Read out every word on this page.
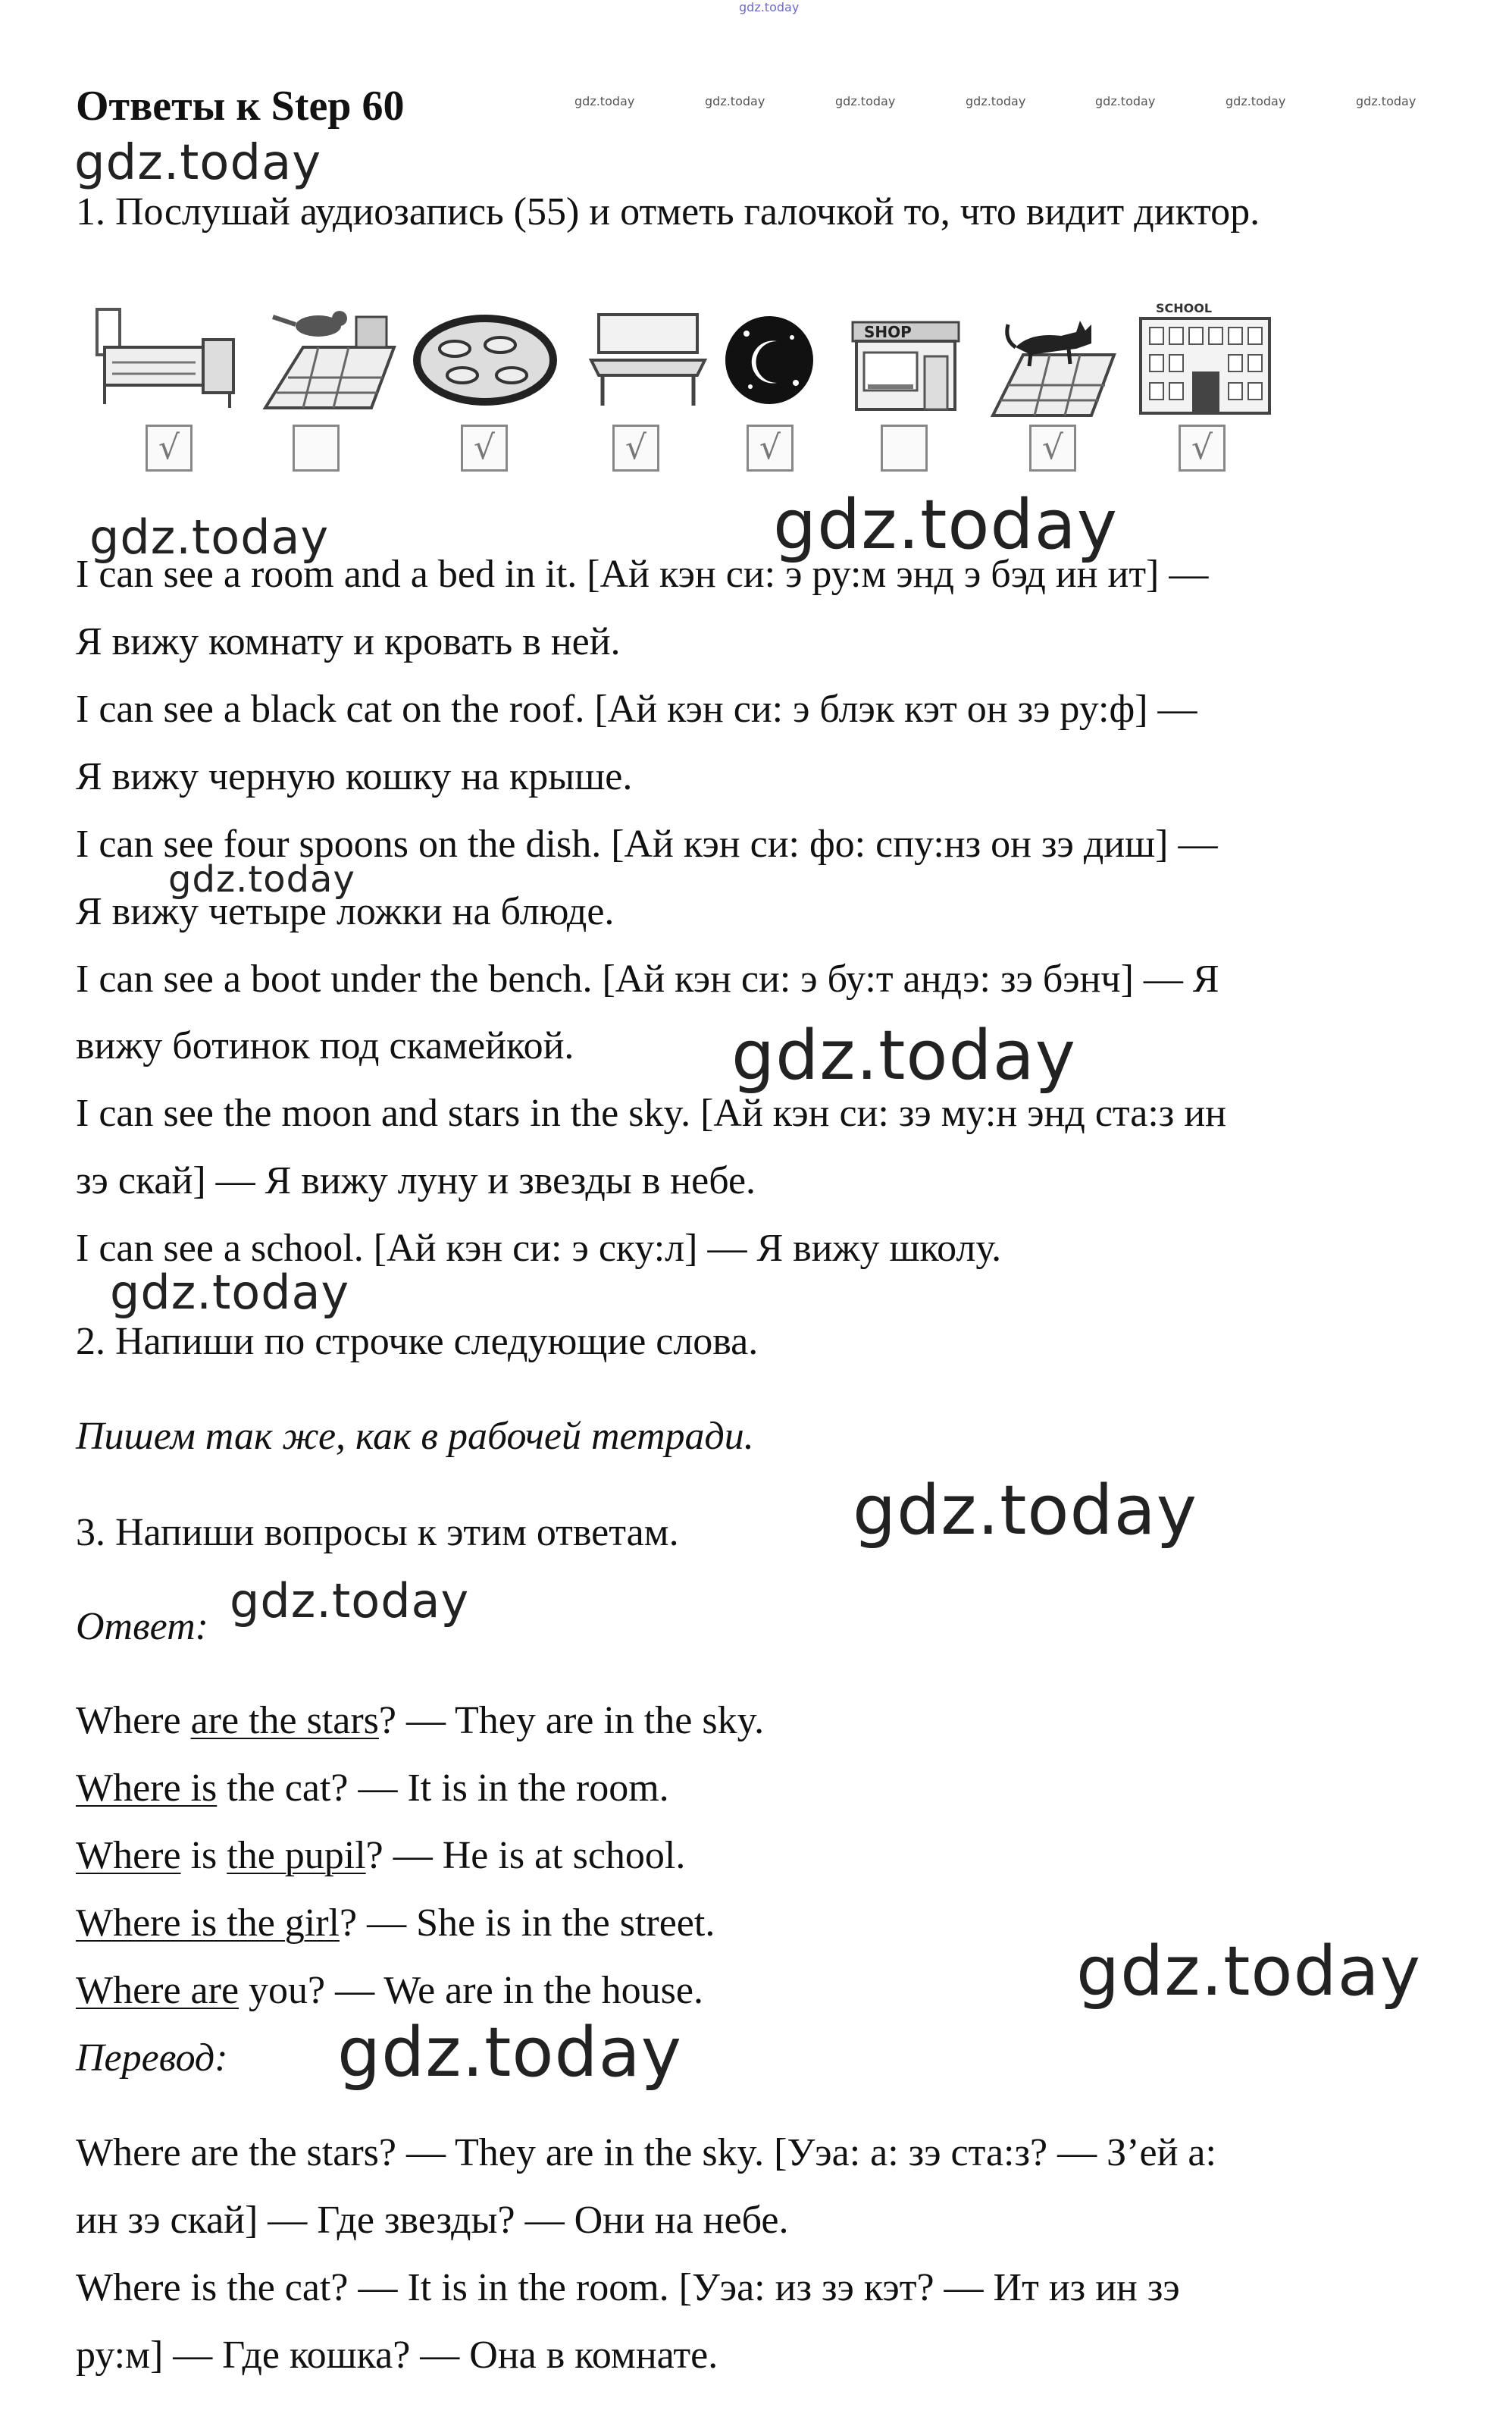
gdz.today
Ответы к Step 60	gdz.today	gdz.today	gdz.today	gdz.today	gdz.today	gdz.today	gdz.today
gdz.today
1. Послушай аудиозапись (55) и отметь галочкой то, что видит диктор.
SHOP
SCHOOL
√	√	√	√	√	√
gdz.today	gdz.today
I can see a room and a bed in it. [Ай кэн си: э ру:м энд э бэд ин ит] —
Я вижу комнату и кровать в ней.
I can see a black cat on the roof. [Ай кэн си: э блэк кэт он зэ ру:ф] —
Я вижу черную кошку на крыше.
I can see four spoons on the dish. [Ай кэн си: фо: спу:нз он зэ диш] —
gdz.today
Я вижу четыре ложки на блюде.
I can see a boot under the bench. [Ай кэн си: э бу:т андэ: зэ бэнч] — Я
вижу ботинок под скамейкой. gdz.today
I can see the moon and stars in the sky. [Ай кэн си: зэ му:н энд ста:з ин
зэ скай] — Я вижу луну и звезды в небе.
I can see a school. [Ай кэн си: э ску:л] — Я вижу школу.
gdz.today
2. Напиши по строчке следующие слова.
Пишем так же, как в рабочей тетради.
gdz.today
3. Напиши вопросы к этим ответам.
Ответ: gdz.today
Where are the stars? — They are in the sky.
Where is the cat? — It is in the room.
Where is the pupil? — He is at school.
Where is the girl? — She is in the street.
gdz.today
Where are you? — We are in the house.
Перевод: gdz.today
Where are the stars? — They are in the sky. [Уэа: а: зэ ста:з? — З’ей а:
ин зэ скай] — Где звезды? — Они на небе.
Where is the cat? — It is in the room. [Уэа: из зэ кэт? — Ит из ин зэ
ру:м] — Где кошка? — Она в комнате.
